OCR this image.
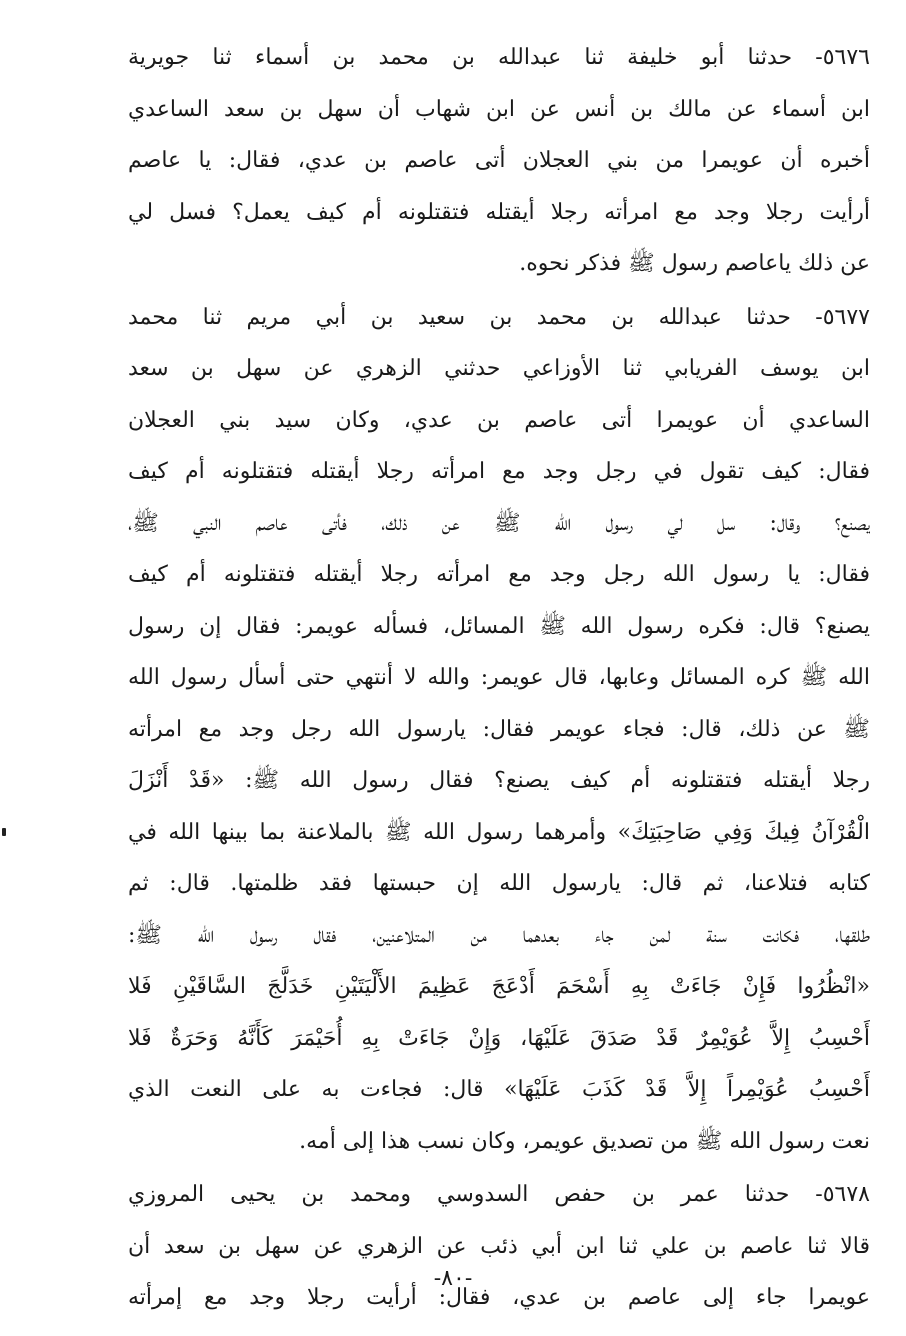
٥٦٧٦- حدثنا أبو خليفة ثنا عبدالله بن محمد بن أسماء ثنا جويرية
ابن أسماء عن مالك بن أنس عن ابن شهاب أن سهل بن سعد الساعدي
أخبره أن عويمرا من بني العجلان أتى عاصم بن عدي، فقال: يا عاصم
أرأيت رجلا وجد مع امرأته رجلا أيقتله فتقتلونه أم كيف يعمل؟ فسل لي
عن ذلك ياعاصم رسول ﷺ فذكر نحوه.
٥٦٧٧- حدثنا عبدالله بن محمد بن سعيد بن أبي مريم ثنا محمد
ابن يوسف الفريابي ثنا الأوزاعي حدثني الزهري عن سهل بن سعد
الساعدي أن عويمرا أتى عاصم بن عدي، وكان سيد بني العجلان
فقال: كيف تقول في رجل وجد مع امرأته رجلا أيقتله فتقتلونه أم كيف
يصنع؟ وقال: سل لي رسول الله ﷺ عن ذلك، فأتى عاصم النبي ﷺ،
فقال: يا رسول الله رجل وجد مع امرأته رجلا أيقتله فتقتلونه أم كيف
يصنع؟ قال: فكره رسول الله ﷺ المسائل، فسأله عويمر: فقال إن رسول
الله ﷺ كره المسائل وعابها، قال عويمر: والله لا أنتهي حتى أسأل رسول الله
ﷺ عن ذلك، قال: فجاء عويمر فقال: يارسول الله رجل وجد مع امرأته
رجلا أيقتله فتقتلونه أم كيف يصنع؟ فقال رسول الله ﷺ: «قَدْ أَنْزَلَ
الْقُرْآنُ فِيكَ وَفِي صَاحِبَتِكَ» وأمرهما رسول الله ﷺ بالملاعنة بما بينها الله في
كتابه فتلاعنا، ثم قال: يارسول الله إن حبستها فقد ظلمتها. قال: ثم
طلقها، فكانت سنة لمن جاء بعدهما من المتلاعنين، فقال رسول الله ﷺ:
«انْظُرُوا فَإِنْ جَاءَتْ بِهِ أَسْحَمَ أَدْعَجَ عَظِيمَ الأَلْيَتَيْنِ خَدَلَّجَ السَّاقَيْنِ فَلا
أَحْسِبُ إِلاَّ عُوَيْمِرٌ قَدْ صَدَقَ عَلَيْهَا، وَإِنْ جَاءَتْ بِهِ أُحَيْمَرَ كَأَنَّهُ وَحَرَةٌ فَلا
أَحْسِبُ عُوَيْمِراً إِلاَّ قَدْ كَذَبَ عَلَيْهَا» قال: فجاءت به على النعت الذي
نعت رسول الله ﷺ من تصديق عويمر، وكان نسب هذا إلى أمه.
٥٦٧٨- حدثنا عمر بن حفص السدوسي ومحمد بن يحيى المروزي
قالا ثنا عاصم بن علي ثنا ابن أبي ذئب عن الزهري عن سهل بن سعد أن
عويمرا جاء إلى عاصم بن عدي، فقال: أرأيت رجلا وجد مع إمرأته
-٨٠-
